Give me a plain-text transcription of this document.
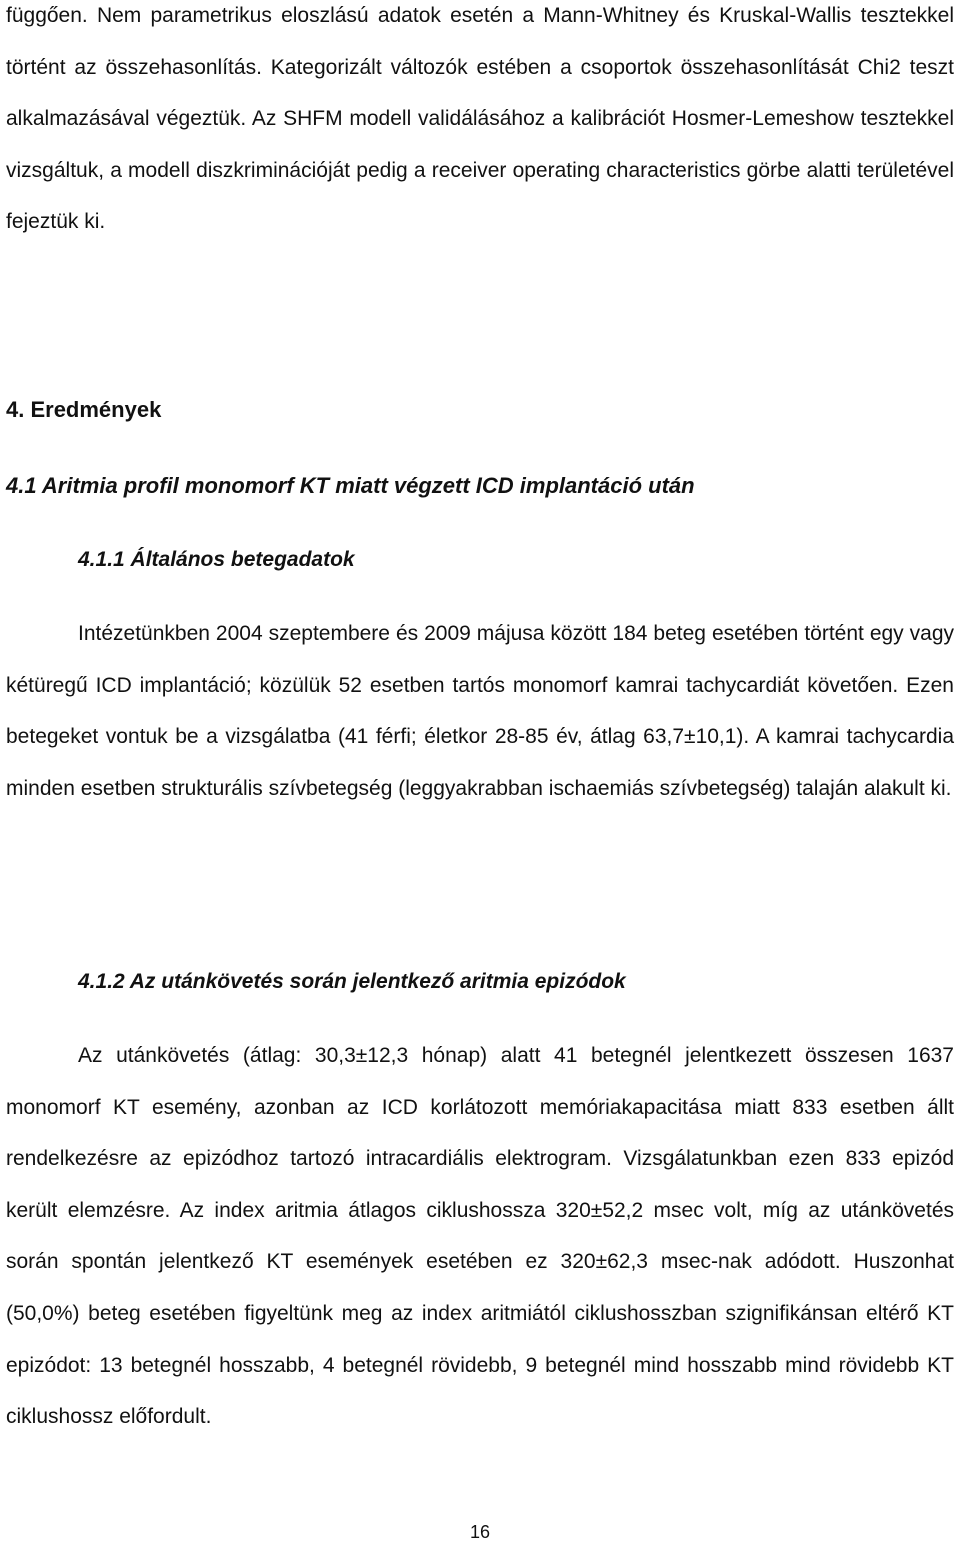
függően. Nem parametrikus eloszlású adatok esetén a Mann-Whitney és Kruskal-Wallis tesztekkel történt az összehasonlítás. Kategorizált változók estében a csoportok összehasonlítását Chi2 teszt alkalmazásával végeztük. Az SHFM modell validálásához a kalibrációt Hosmer-Lemeshow tesztekkel vizsgáltuk, a modell diszkriminációját pedig a receiver operating characteristics görbe alatti területével fejeztük ki.

4. Eredmények
4.1 Aritmia profil monomorf KT miatt végzett ICD implantáció után
4.1.1 Általános betegadatok

Intézetünkben 2004 szeptembere és 2009 májusa között 184 beteg esetében történt egy vagy kétüregű ICD implantáció; közülük 52 esetben tartós monomorf kamrai tachycardiát követően. Ezen betegeket vontuk be a vizsgálatba (41 férfi; életkor 28-85 év, átlag 63,7±10,1). A kamrai tachycardia minden esetben strukturális szívbetegség (leggyakrabban ischaemiás szívbetegség) talaján alakult ki.

4.1.2 Az utánkövetés során jelentkező aritmia epizódok

Az utánkövetés (átlag: 30,3±12,3 hónap) alatt 41 betegnél jelentkezett összesen 1637 monomorf KT esemény, azonban az ICD korlátozott memóriakapacitása miatt 833 esetben állt rendelkezésre az epizódhoz tartozó intracardiális elektrogram. Vizsgálatunkban ezen 833 epizód került elemzésre. Az index aritmia átlagos ciklushossza 320±52,2 msec volt, míg az utánkövetés során spontán jelentkező KT események esetében ez 320±62,3 msec-nak adódott. Huszonhat (50,0%) beteg esetében figyeltünk meg az index aritmiától ciklushosszban szignifikánsan eltérő KT epizódot: 13 betegnél hosszabb, 4 betegnél rövidebb, 9 betegnél mind hosszabb mind rövidebb KT ciklushossz előfordult.

16
